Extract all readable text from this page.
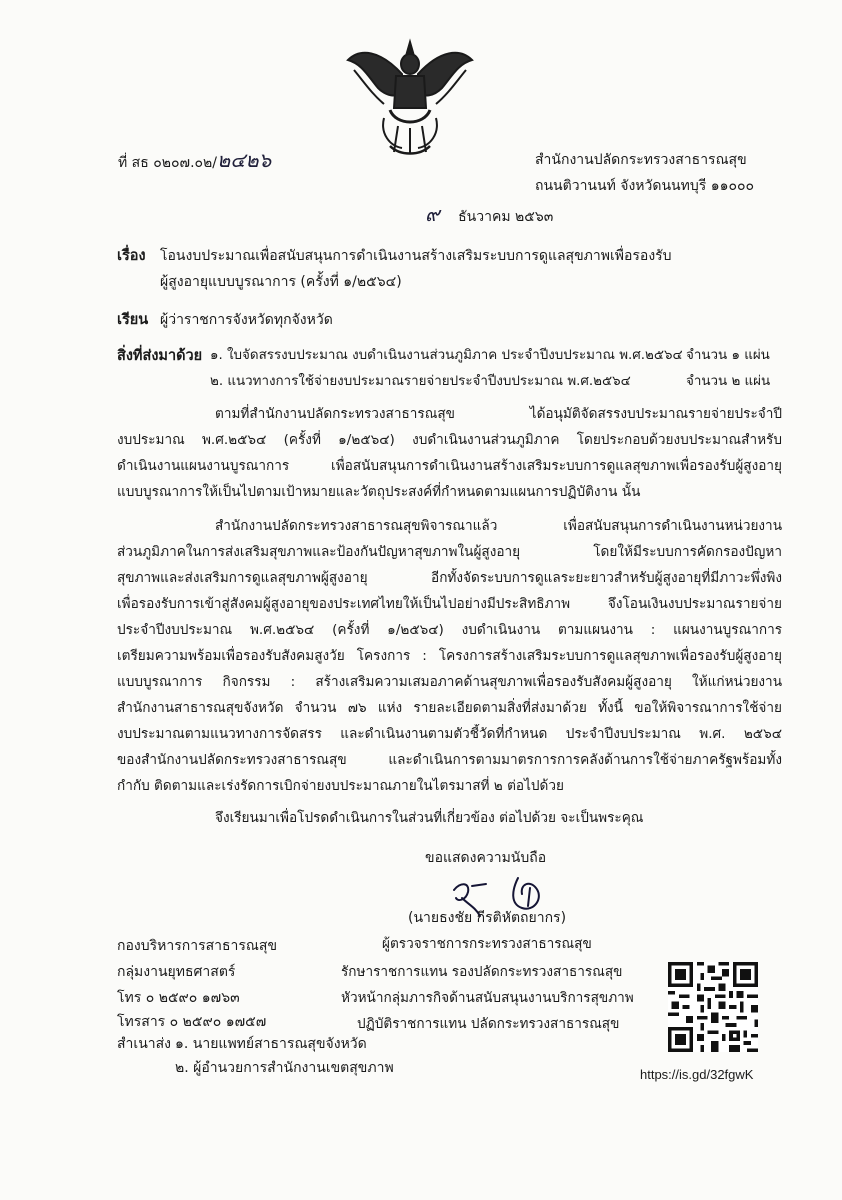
ที่ สธ ๐๒๐๗.๐๒/๒๔๒๖	สำนักงานปลัดกระทรวงสาธารณสุข
ถนนติวานนท์ จังหวัดนนทบุรี ๑๑๐๐๐
๙ ธันวาคม ๒๕๖๓
เรื่อง โอนงบประมาณเพื่อสนับสนุนการดำเนินงานสร้างเสริมระบบการดูแลสุขภาพเพื่อรองรับ
ผู้สูงอายุแบบบูรณาการ (ครั้งที่ ๑/๒๕๖๔)
เรียน ผู้ว่าราชการจังหวัดทุกจังหวัด
สิ่งที่ส่งมาด้วย ๑. ใบจัดสรรงบประมาณ งบดำเนินงานส่วนภูมิภาค ประจำปีงบประมาณ พ.ศ.๒๕๖๔ จำนวน ๑ แผ่น
๒. แนวทางการใช้จ่ายงบประมาณรายจ่ายประจำปีงบประมาณ พ.ศ.๒๕๖๔	จำนวน ๒ แผ่น
ตามที่สำนักงานปลัดกระทรวงสาธารณสุข ได้อนุมัติจัดสรรงบประมาณรายจ่ายประจำปี
งบประมาณ พ.ศ.๒๕๖๔ (ครั้งที่ ๑/๒๕๖๔) งบดำเนินงานส่วนภูมิภาค โดยประกอบด้วยงบประมาณสำหรับ
ดำเนินงานแผนงานบูรณาการ เพื่อสนับสนุนการดำเนินงานสร้างเสริมระบบการดูแลสุขภาพเพื่อรองรับผู้สูงอายุ
แบบบูรณาการให้เป็นไปตามเป้าหมายและวัตถุประสงค์ที่กำหนดตามแผนการปฏิบัติงาน นั้น
สำนักงานปลัดกระทรวงสาธารณสุขพิจารณาแล้ว เพื่อสนับสนุนการดำเนินงานหน่วยงาน
ส่วนภูมิภาคในการส่งเสริมสุขภาพและป้องกันปัญหาสุขภาพในผู้สูงอายุ โดยให้มีระบบการคัดกรองปัญหา
สุขภาพและส่งเสริมการดูแลสุขภาพผู้สูงอายุ อีกทั้งจัดระบบการดูแลระยะยาวสำหรับผู้สูงอายุที่มีภาวะพึ่งพิง
เพื่อรองรับการเข้าสู่สังคมผู้สูงอายุของประเทศไทยให้เป็นไปอย่างมีประสิทธิภาพ จึงโอนเงินงบประมาณรายจ่าย
ประจำปีงบประมาณ พ.ศ.๒๕๖๔ (ครั้งที่ ๑/๒๕๖๔) งบดำเนินงาน ตามแผนงาน : แผนงานบูรณาการ
เตรียมความพร้อมเพื่อรองรับสังคมสูงวัย โครงการ : โครงการสร้างเสริมระบบการดูแลสุขภาพเพื่อรองรับผู้สูงอายุ
แบบบูรณาการ กิจกรรม : สร้างเสริมความเสมอภาคด้านสุขภาพเพื่อรองรับสังคมผู้สูงอายุ ให้แก่หน่วยงาน
สำนักงานสาธารณสุขจังหวัด จำนวน ๗๖ แห่ง รายละเอียดตามสิ่งที่ส่งมาด้วย ทั้งนี้ ขอให้พิจารณาการใช้จ่าย
งบประมาณตามแนวทางการจัดสรร และดำเนินงานตามตัวชี้วัดที่กำหนด ประจำปีงบประมาณ พ.ศ. ๒๕๖๔
ของสำนักงานปลัดกระทรวงสาธารณสุข และดำเนินการตามมาตรการการคลังด้านการใช้จ่ายภาครัฐพร้อมทั้ง
กำกับ ติดตามและเร่งรัดการเบิกจ่ายงบประมาณภายในไตรมาสที่ ๒ ต่อไปด้วย
จึงเรียนมาเพื่อโปรดดำเนินการในส่วนที่เกี่ยวข้อง ต่อไปด้วย จะเป็นพระคุณ
ขอแสดงความนับถือ
(นายธงชัย กีรติหัตถยากร)
ผู้ตรวจราชการกระทรวงสาธารณสุข
รักษาราชการแทน รองปลัดกระทรวงสาธารณสุข
หัวหน้ากลุ่มภารกิจด้านสนับสนุนงานบริการสุขภาพ
ปฏิบัติราชการแทน ปลัดกระทรวงสาธารณสุข
กองบริหารการสาธารณสุข
กลุ่มงานยุทธศาสตร์
โทร ๐ ๒๕๙๐ ๑๗๖๓
โทรสาร ๐ ๒๕๙๐ ๑๗๕๗
สำเนาส่ง ๑. นายแพทย์สาธารณสุขจังหวัด
๒. ผู้อำนวยการสำนักงานเขตสุขภาพ	https://is.gd/32fgwK
